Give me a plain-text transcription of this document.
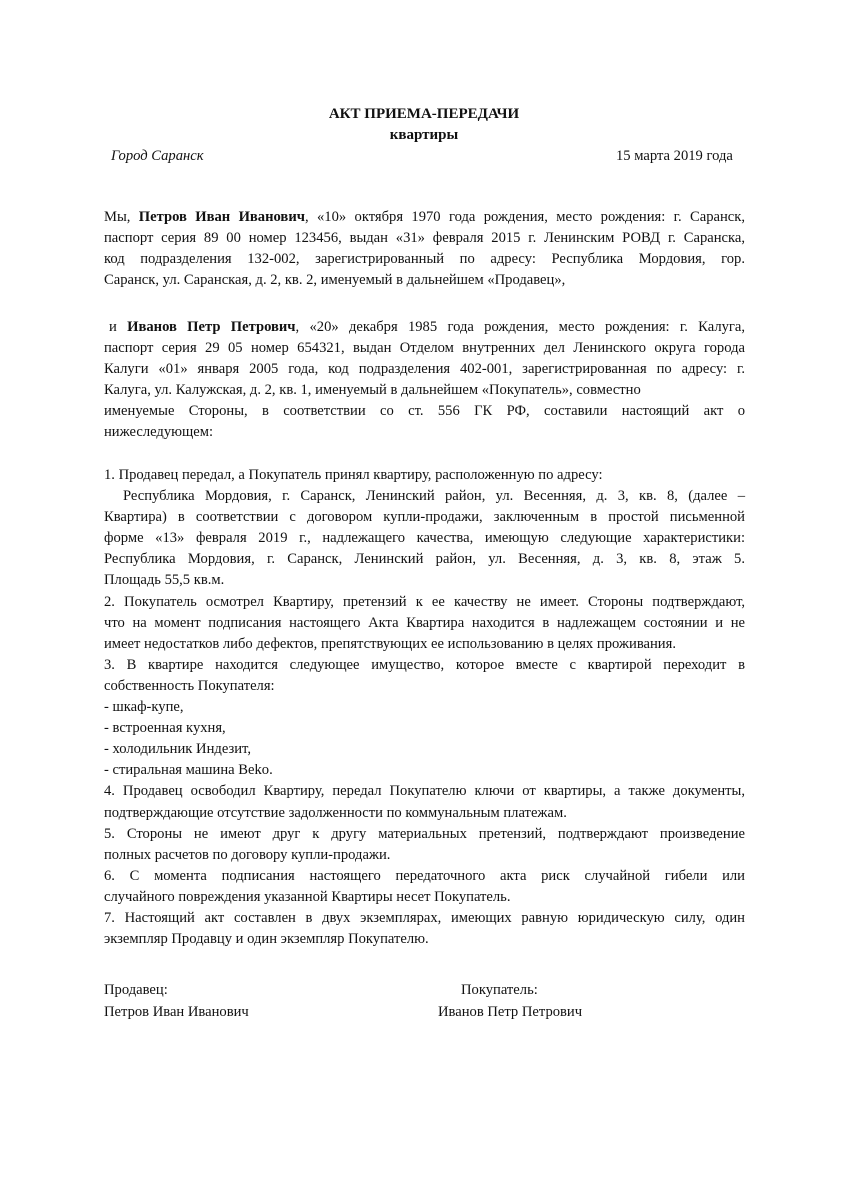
АКТ ПРИЕМА-ПЕРЕДАЧИ
квартиры
Город Саранск	15 марта 2019 года
Мы, Петров Иван Иванович, «10» октября 1970 года рождения, место рождения: г. Саранск,
паспорт серия 89 00 номер 123456, выдан «31» февраля 2015 г. Ленинским РОВД г. Саранска,
код подразделения 132-002, зарегистрированный по адресу: Республика Мордовия, гор.
Саранск, ул. Саранская, д. 2, кв. 2, именуемый в дальнейшем «Продавец»,
и Иванов Петр Петрович, «20» декабря 1985 года рождения, место рождения: г. Калуга,
паспорт серия 29 05 номер 654321, выдан Отделом внутренних дел Ленинского округа города
Калуги «01» января 2005 года, код подразделения 402-001, зарегистрированная по адресу: г.
Калуга, ул. Калужская, д. 2, кв. 1, именуемый в дальнейшем «Покупатель», совместно
именуемые Стороны, в соответствии со ст. 556 ГК РФ, составили настоящий акт о
нижеследующем:
1. Продавец передал, а Покупатель принял квартиру, расположенную по адресу:
Республика Мордовия, г. Саранск, Ленинский район, ул. Весенняя, д. 3, кв. 8, (далее –
Квартира) в соответствии с договором купли-продажи, заключенным в простой письменной
форме «13» февраля 2019 г., надлежащего качества, имеющую следующие характеристики:
Республика Мордовия, г. Саранск, Ленинский район, ул. Весенняя, д. 3, кв. 8, этаж 5.
Площадь 55,5 кв.м.
2. Покупатель осмотрел Квартиру, претензий к ее качеству не имеет. Стороны подтверждают,
что на момент подписания настоящего Акта Квартира находится в надлежащем состоянии и не
имеет недостатков либо дефектов, препятствующих ее использованию в целях проживания.
3. В квартире находится следующее имущество, которое вместе с квартирой переходит в
собственность Покупателя:
- шкаф-купе,
- встроенная кухня,
- холодильник Индезит,
- стиральная машина Beko.
4. Продавец освободил Квартиру, передал Покупателю ключи от квартиры, а также документы,
подтверждающие отсутствие задолженности по коммунальным платежам.
5. Стороны не имеют друг к другу материальных претензий, подтверждают произведение
полных расчетов по договору купли-продажи.
6. С момента подписания настоящего передаточного акта риск случайной гибели или
случайного повреждения указанной Квартиры несет Покупатель.
7. Настоящий акт составлен в двух экземплярах, имеющих равную юридическую силу, один
экземпляр Продавцу и один экземпляр Покупателю.
Продавец:
Петров Иван Иванович
Покупатель:
Иванов Петр Петрович
